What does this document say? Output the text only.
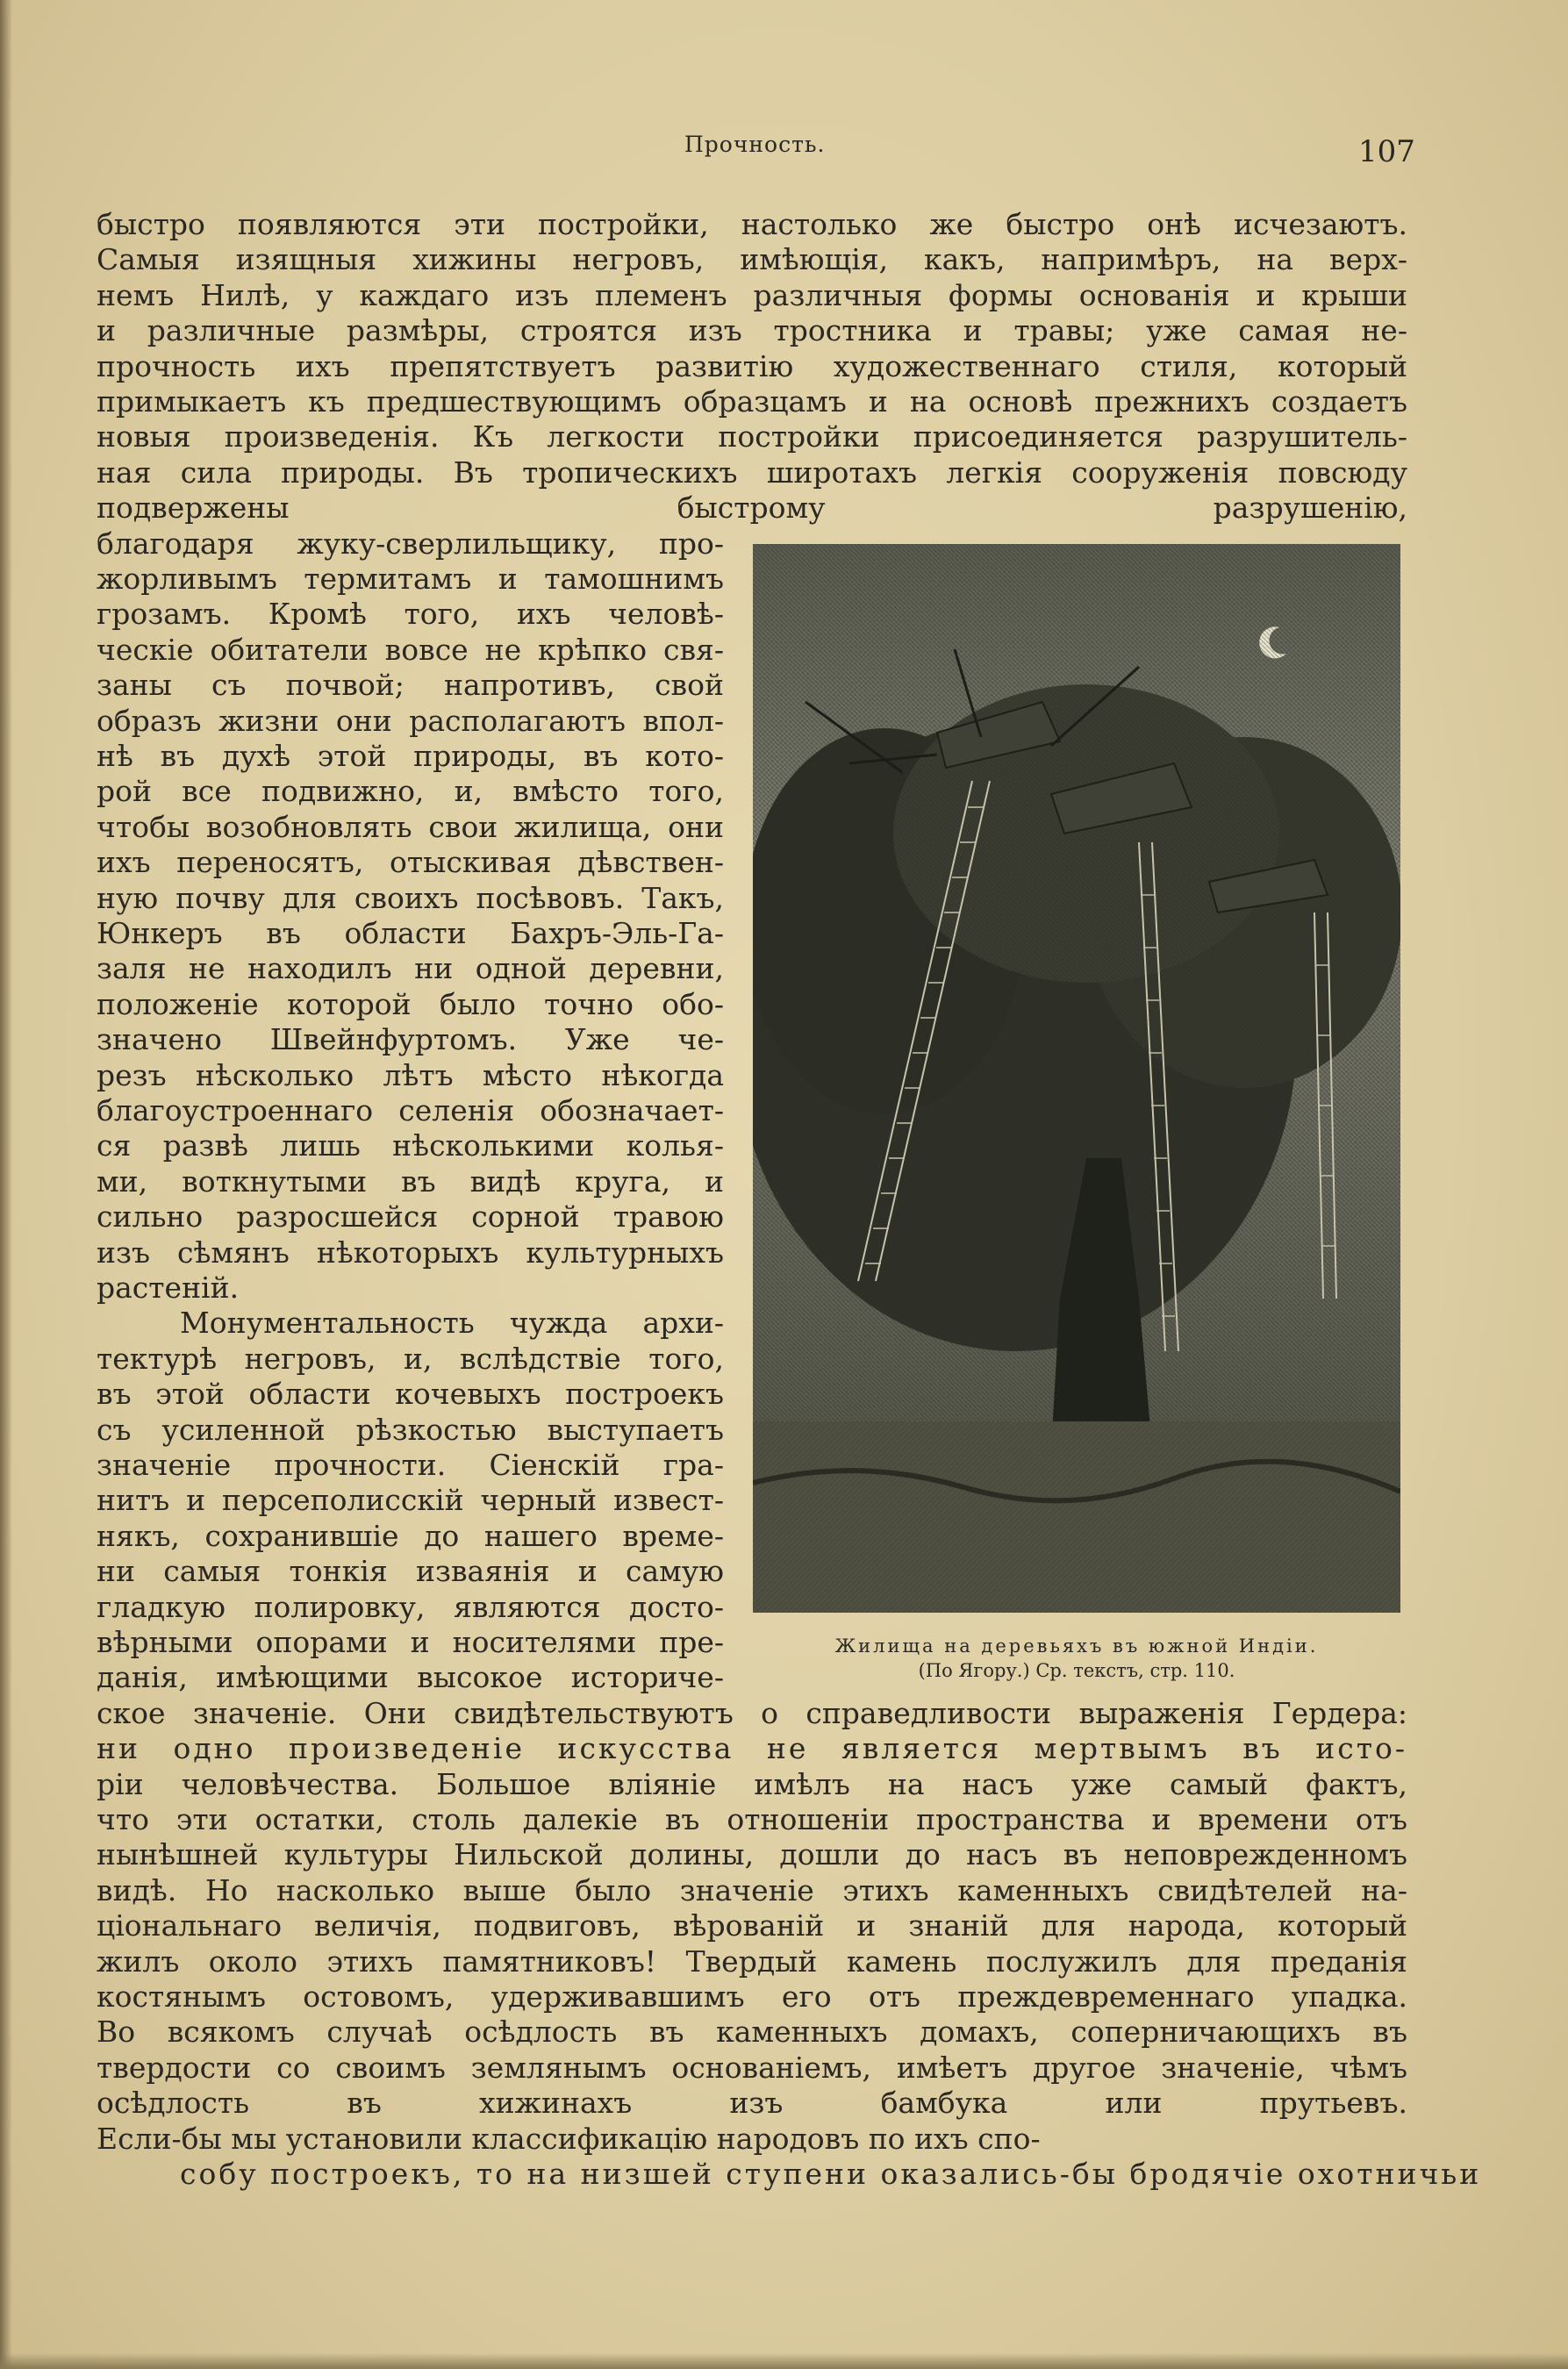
Прочность.	107
быстро появляются эти постройки, настолько же быстро онѣ исчезаютъ.
Самыя изящныя хижины негровъ, имѣющiя, какъ, напримѣръ, на верх-
немъ Нилѣ, у каждаго изъ племенъ различныя формы основанiя и крыши
и различные размѣры, строятся изъ тростника и травы; уже самая не-
прочность ихъ препятствуетъ развитiю художественнаго стиля, который
примыкаетъ къ предшествующимъ образцамъ и на основѣ прежнихъ создаетъ
новыя произведенiя. Къ легкости постройки присоединяется разрушитель-
ная сила природы. Въ тропическихъ широтахъ легкiя сооруженiя повсюду
подвержены быстрому разрушенiю,
благодаря жуку-сверлильщику, про-
жорливымъ термитамъ и тамошнимъ
грозамъ. Кромѣ того, ихъ человѣ-
ческiе обитатели вовсе не крѣпко свя-
заны съ почвой; напротивъ, свой
образъ жизни они располагаютъ впол-
нѣ въ духѣ этой природы, въ кото-
рой все подвижно, и, вмѣсто того,
чтобы возобновлять свои жилища, они
ихъ переносятъ, отыскивая дѣвствен-
ную почву для своихъ посѣвовъ. Такъ,
Юнкеръ въ области Бахръ-Эль-Га-
заля не находилъ ни одной деревни,
положенiе которой было точно обо-
значено Швейнфуртомъ. Уже че-
резъ нѣсколько лѣтъ мѣсто нѣкогда
благоустроеннаго селенiя обозначает-
ся развѣ лишь нѣсколькими колья-
ми, воткнутыми въ видѣ круга, и
сильно разросшейся сорной травою
изъ сѣмянъ нѣкоторыхъ культурныхъ
растенiй.
Монументальность чужда архи-
тектурѣ негровъ, и, вслѣдствiе того,
въ этой области кочевыхъ построекъ
съ усиленной рѣзкостью выступаетъ
значенiе прочности. Сiенскiй гра-
нитъ и персеполисскiй черный извест-
някъ, сохранившiе до нашего време-
ни самыя тонкiя изваянiя и самую
гладкую полировку, являются досто-
вѣрными опорами и носителями пре-
данiя, имѣющими высокое историче-
ское значенiе. Они свидѣтельствуютъ о справедливости выраженiя Гердера:
ни одно произведенiе искусства не является мертвымъ въ исто-
рiи человѣчества. Большое влiянiе имѣлъ на насъ уже самый фактъ,
что эти остатки, столь далекiе въ отношенiи пространства и времени отъ
нынѣшней культуры Нильской долины, дошли до насъ въ неповрежденномъ
видѣ. Но насколько выше было значенiе этихъ каменныхъ свидѣтелей на-
цiональнаго величiя, подвиговъ, вѣрованiй и знанiй для народа, который
жилъ около этихъ памятниковъ! Твердый камень послужилъ для преданiя
костянымъ остовомъ, удерживавшимъ его отъ преждевременнаго упадка.
Во всякомъ случаѣ осѣдлость въ каменныхъ домахъ, соперничающихъ въ
твердости со своимъ землянымъ основанiемъ, имѣетъ другое значенiе, чѣмъ
осѣдлость въ хижинахъ изъ бамбука или прутьевъ.
Если-бы мы установили классификацiю народовъ по ихъ спо-
собу построекъ, то на низшей ступени оказались-бы бродячiе охотничьи
Жилища на деревьяхъ въ южной Индiи.
(По Ягору.) Ср. текстъ, стр. 110.
